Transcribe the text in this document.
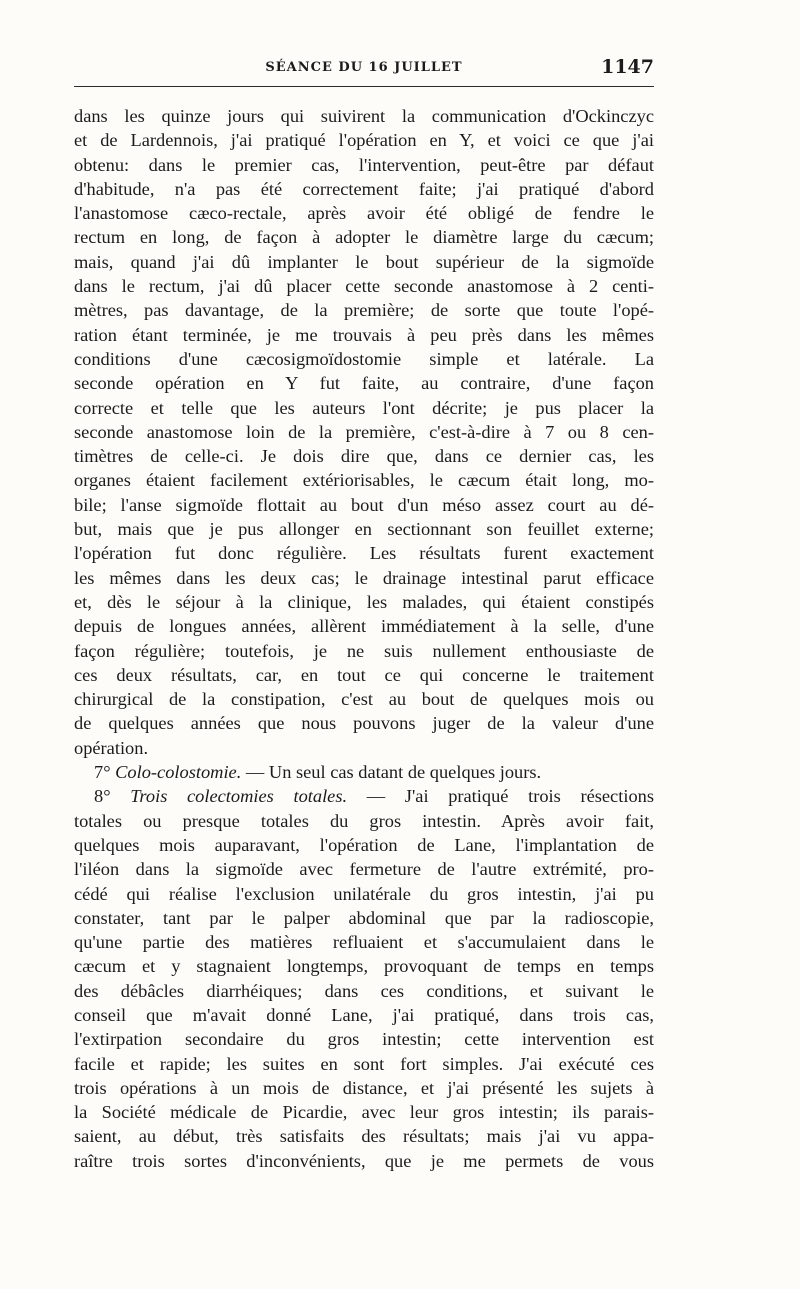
SÉANCE DU 16 JUILLET	1147
dans les quinze jours qui suivirent la communication d'Ockinczyc
et de Lardennois, j'ai pratiqué l'opération en Y, et voici ce que j'ai
obtenu: dans le premier cas, l'intervention, peut-être par défaut
d'habitude, n'a pas été correctement faite; j'ai pratiqué d'abord
l'anastomose cæco-rectale, après avoir été obligé de fendre le
rectum en long, de façon à adopter le diamètre large du cæcum;
mais, quand j'ai dû implanter le bout supérieur de la sigmoïde
dans le rectum, j'ai dû placer cette seconde anastomose à 2 centi-
mètres, pas davantage, de la première; de sorte que toute l'opé-
ration étant terminée, je me trouvais à peu près dans les mêmes
conditions d'une cæcosigmoïdostomie simple et latérale. La
seconde opération en Y fut faite, au contraire, d'une façon
correcte et telle que les auteurs l'ont décrite; je pus placer la
seconde anastomose loin de la première, c'est-à-dire à 7 ou 8 cen-
timètres de celle-ci. Je dois dire que, dans ce dernier cas, les
organes étaient facilement extériorisables, le cæcum était long, mo-
bile; l'anse sigmoïde flottait au bout d'un méso assez court au dé-
but, mais que je pus allonger en sectionnant son feuillet externe;
l'opération fut donc régulière. Les résultats furent exactement
les mêmes dans les deux cas; le drainage intestinal parut efficace
et, dès le séjour à la clinique, les malades, qui étaient constipés
depuis de longues années, allèrent immédiatement à la selle, d'une
façon régulière; toutefois, je ne suis nullement enthousiaste de
ces deux résultats, car, en tout ce qui concerne le traitement
chirurgical de la constipation, c'est au bout de quelques mois ou
de quelques années que nous pouvons juger de la valeur d'une
opération.
7° Colo-colostomie. — Un seul cas datant de quelques jours.
8° Trois colectomies totales. — J'ai pratiqué trois résections
totales ou presque totales du gros intestin. Après avoir fait,
quelques mois auparavant, l'opération de Lane, l'implantation de
l'iléon dans la sigmoïde avec fermeture de l'autre extrémité, pro-
cédé qui réalise l'exclusion unilatérale du gros intestin, j'ai pu
constater, tant par le palper abdominal que par la radioscopie,
qu'une partie des matières refluaient et s'accumulaient dans le
cæcum et y stagnaient longtemps, provoquant de temps en temps
des débâcles diarrhéiques; dans ces conditions, et suivant le
conseil que m'avait donné Lane, j'ai pratiqué, dans trois cas,
l'extirpation secondaire du gros intestin; cette intervention est
facile et rapide; les suites en sont fort simples. J'ai exécuté ces
trois opérations à un mois de distance, et j'ai présenté les sujets à
la Société médicale de Picardie, avec leur gros intestin; ils parais-
saient, au début, très satisfaits des résultats; mais j'ai vu appa-
raître trois sortes d'inconvénients, que je me permets de vous
